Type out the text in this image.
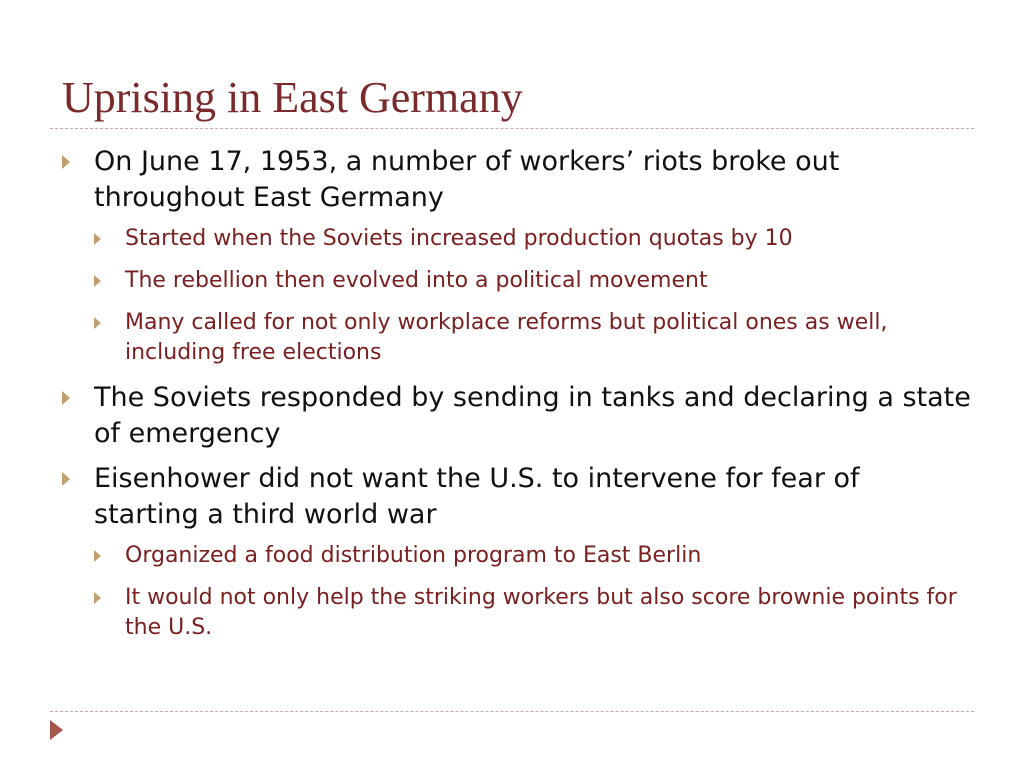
Uprising in East Germany
On June 17, 1953, a number of workers’ riots broke out throughout East Germany
Started when the Soviets increased production quotas by 10
The rebellion then evolved into a political movement
Many called for not only workplace reforms but political ones as well, including free elections
The Soviets responded by sending in tanks and declaring a state of emergency
Eisenhower did not want the U.S. to intervene for fear of starting a third world war
Organized a food distribution program to East Berlin
It would not only help the striking workers but also score brownie points for the U.S.
